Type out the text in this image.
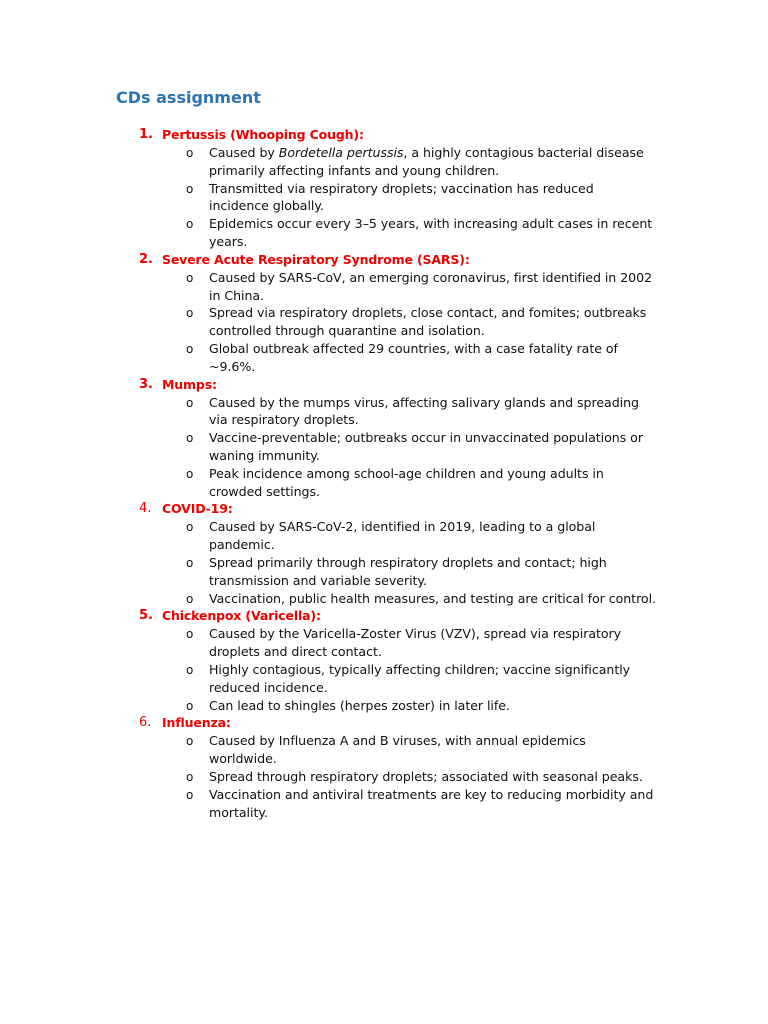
CDs assignment
1. Pertussis (Whooping Cough):
o Caused by Bordetella pertussis, a highly contagious bacterial disease primarily affecting infants and young children.
o Transmitted via respiratory droplets; vaccination has reduced incidence globally.
o Epidemics occur every 3–5 years, with increasing adult cases in recent years.
2. Severe Acute Respiratory Syndrome (SARS):
o Caused by SARS-CoV, an emerging coronavirus, first identified in 2002 in China.
o Spread via respiratory droplets, close contact, and fomites; outbreaks controlled through quarantine and isolation.
o Global outbreak affected 29 countries, with a case fatality rate of ~9.6%.
3. Mumps:
o Caused by the mumps virus, affecting salivary glands and spreading via respiratory droplets.
o Vaccine-preventable; outbreaks occur in unvaccinated populations or waning immunity.
o Peak incidence among school-age children and young adults in crowded settings.
4. COVID-19:
o Caused by SARS-CoV-2, identified in 2019, leading to a global pandemic.
o Spread primarily through respiratory droplets and contact; high transmission and variable severity.
o Vaccination, public health measures, and testing are critical for control.
5. Chickenpox (Varicella):
o Caused by the Varicella-Zoster Virus (VZV), spread via respiratory droplets and direct contact.
o Highly contagious, typically affecting children; vaccine significantly reduced incidence.
o Can lead to shingles (herpes zoster) in later life.
6. Influenza:
o Caused by Influenza A and B viruses, with annual epidemics worldwide.
o Spread through respiratory droplets; associated with seasonal peaks.
o Vaccination and antiviral treatments are key to reducing morbidity and mortality.
